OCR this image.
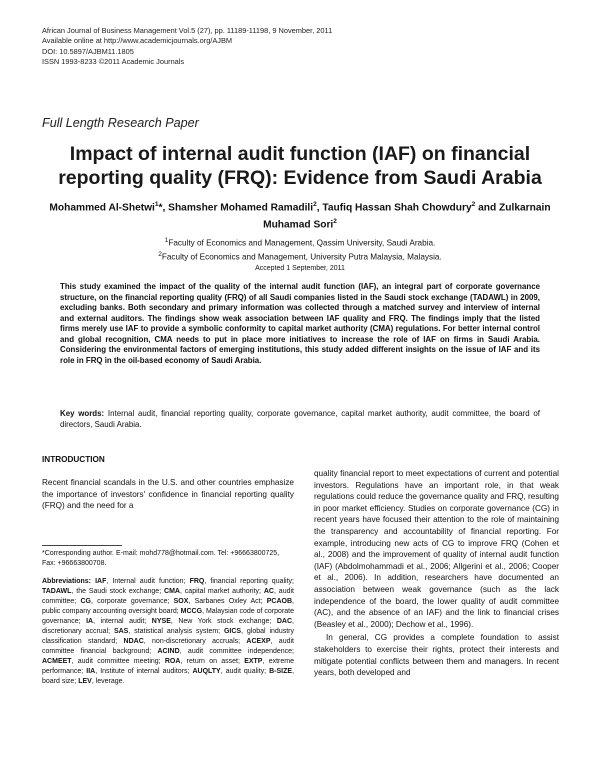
African Journal of Business Management Vol.5 (27), pp. 11189-11198, 9 November, 2011
Available online at http://www.academicjournals.org/AJBM
DOI: 10.5897/AJBM11.1805
ISSN 1993-8233 ©2011 Academic Journals
Full Length Research Paper
Impact of internal audit function (IAF) on financial reporting quality (FRQ): Evidence from Saudi Arabia
Mohammed Al-Shetwi$^1$*, Shamsher Mohamed Ramadili$^2$, Taufiq Hassan Shah Chowdury$^2$ and Zulkarnain Muhamad Sori$^2$
$^1$Faculty of Economics and Management, Qassim University, Saudi Arabia.
$^2$Faculty of Economics and Management, University Putra Malaysia, Malaysia.
Accepted 1 September, 2011
This study examined the impact of the quality of the internal audit function (IAF), an integral part of corporate governance structure, on the financial reporting quality (FRQ) of all Saudi companies listed in the Saudi stock exchange (TADAWL) in 2009, excluding banks. Both secondary and primary information was collected through a matched survey and interview of internal and external auditors. The findings show weak association between IAF quality and FRQ. The findings imply that the listed firms merely use IAF to provide a symbolic conformity to capital market authority (CMA) regulations. For better internal control and global recognition, CMA needs to put in place more initiatives to increase the role of IAF on firms in Saudi Arabia. Considering the environmental factors of emerging institutions, this study added different insights on the issue of IAF and its role in FRQ in the oil-based economy of Saudi Arabia.
Key words: Internal audit, financial reporting quality, corporate governance, capital market authority, audit committee, the board of directors, Saudi Arabia.
INTRODUCTION
Recent financial scandals in the U.S. and other countries emphasize the importance of investors' confidence in financial reporting quality (FRQ) and the need for a
*Corresponding author. E-mail: mohd778@hotmail.com. Tel: +96663800725, Fax: +96663800708.
Abbreviations: IAF, Internal audit function; FRQ, financial reporting quality; TADAWL, the Saudi stock exchange; CMA, capital market authority; AC, audit committee; CG, corporate governance; SOX, Sarbanes Oxley Act; PCAOB, public company accounting oversight board; MCCG, Malaysian code of corporate governance; IA, internal audit; NYSE, New York stock exchange; DAC, discretionary accrual; SAS, statistical analysis system; GICS, global industry classification standard; NDAC, non-discretionary accruals; ACEXP, audit committee financial background; ACIND, audit committee independence; ACMEET, audit committee meeting; ROA, return on asset; EXTP, extreme performance; IIA, Institute of internal auditors; AUQLTY, audit quality; B-SIZE, board size; LEV, leverage.

quality financial report to meet expectations of current and potential investors. Regulations have an important role, in that weak regulations could reduce the governance quality and FRQ, resulting in poor market efficiency. Studies on corporate governance (CG) in recent years have focused their attention to the role of maintaining the transparency and accountability of financial reporting. For example, introducing new acts of CG to improve FRQ (Cohen et al., 2008) and the improvement of quality of internal audit function (IAF) (Abdolmohammadi et al., 2006; Allgerini et al., 2006; Cooper et al., 2006). In addition, researchers have documented an association between weak governance (such as the lack independence of the board, the lower quality of audit committee (AC), and the absence of an IAF) and the link to financial crises (Beasley et al., 2000); Dechow et al., 1996).

In general, CG provides a complete foundation to assist stakeholders to exercise their rights, protect their interests and mitigate potential conflicts between them and managers. In recent years, both developed and
